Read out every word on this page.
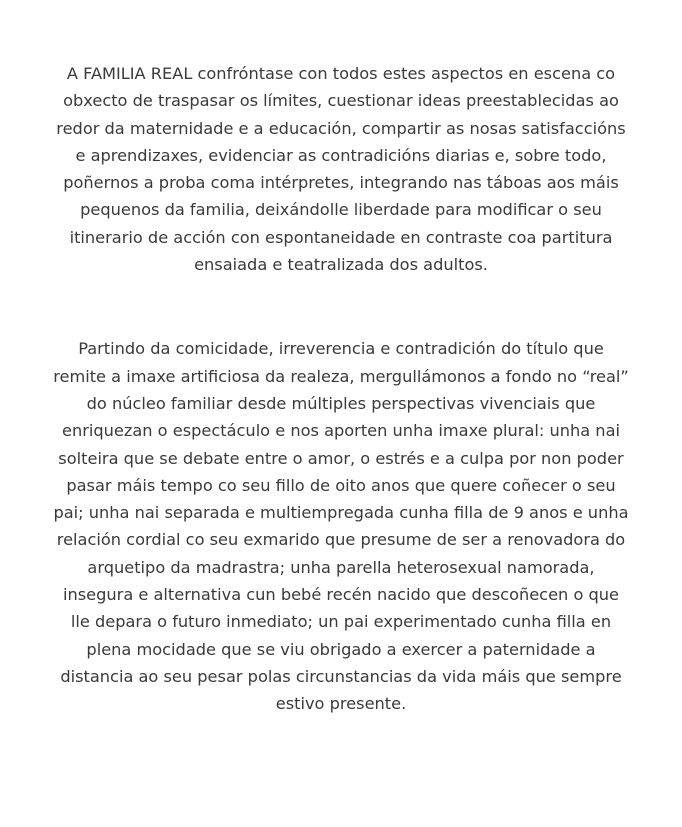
A FAMILIA REAL confróntase con todos estes aspectos en escena co
obxecto de traspasar os límites, cuestionar ideas preestablecidas ao
redor da maternidade e a educación, compartir as nosas satisfaccións
e aprendizaxes, evidenciar as contradicións diarias e, sobre todo,
poñernos a proba coma intérpretes, integrando nas táboas aos máis
pequenos da familia, deixándolle liberdade para modificar o seu
itinerario de acción con espontaneidade en contraste coa partitura
ensaiada e teatralizada dos adultos.

Partindo da comicidade, irreverencia e contradición do título que
remite a imaxe artificiosa da realeza, mergullámonos a fondo no “real”
do núcleo familiar desde múltiples perspectivas vivenciais que
enriquezan o espectáculo e nos aporten unha imaxe plural: unha nai
solteira que se debate entre o amor, o estrés e a culpa por non poder
pasar máis tempo co seu fillo de oito anos que quere coñecer o seu
pai; unha nai separada e multiempregada cunha filla de 9 anos e unha
relación cordial co seu exmarido que presume de ser a renovadora do
arquetipo da madrastra; unha parella heterosexual namorada,
insegura e alternativa cun bebé recén nacido que descoñecen o que
lle depara o futuro inmediato; un pai experimentado cunha filla en
plena mocidade que se viu obrigado a exercer a paternidade a
distancia ao seu pesar polas circunstancias da vida máis que sempre
estivo presente.
